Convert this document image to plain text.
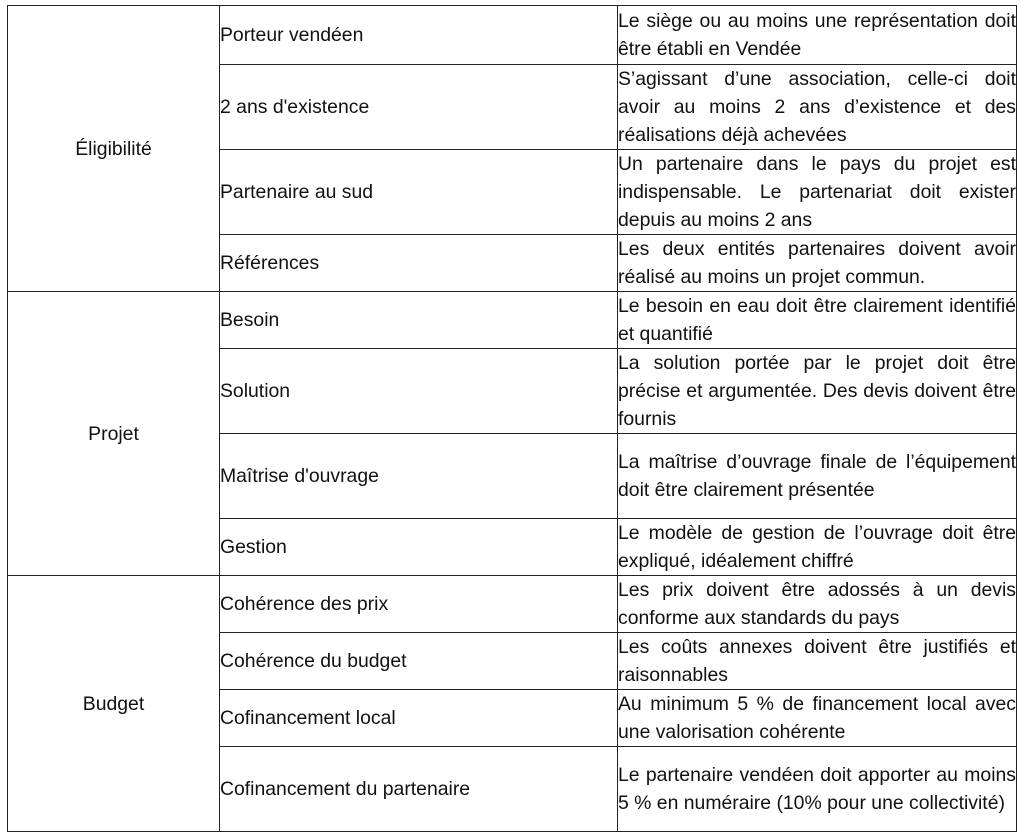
Éligibilité	Porteur vendéen	Le siège ou au moins une représentation doit être établi en Vendée
	2 ans d'existence	S’agissant d’une association, celle-ci doit avoir au moins 2 ans d’existence et des réalisations déjà achevées
	Partenaire au sud	Un partenaire dans le pays du projet est indispensable. Le partenariat doit exister depuis au moins 2 ans
	Références	Les deux entités partenaires doivent avoir réalisé au moins un projet commun.
Projet	Besoin	Le besoin en eau doit être clairement identifié et quantifié
	Solution	La solution portée par le projet doit être précise et argumentée. Des devis doivent être fournis
	Maîtrise d'ouvrage	La maîtrise d’ouvrage finale de l’équipement doit être clairement présentée
	Gestion	Le modèle de gestion de l’ouvrage doit être expliqué, idéalement chiffré
Budget	Cohérence des prix	Les prix doivent être adossés à un devis conforme aux standards du pays
	Cohérence du budget	Les coûts annexes doivent être justifiés et raisonnables
	Cofinancement local	Au minimum 5 % de financement local avec une valorisation cohérente
	Cofinancement du partenaire	Le partenaire vendéen doit apporter au moins 5 % en numéraire (10% pour une collectivité)
